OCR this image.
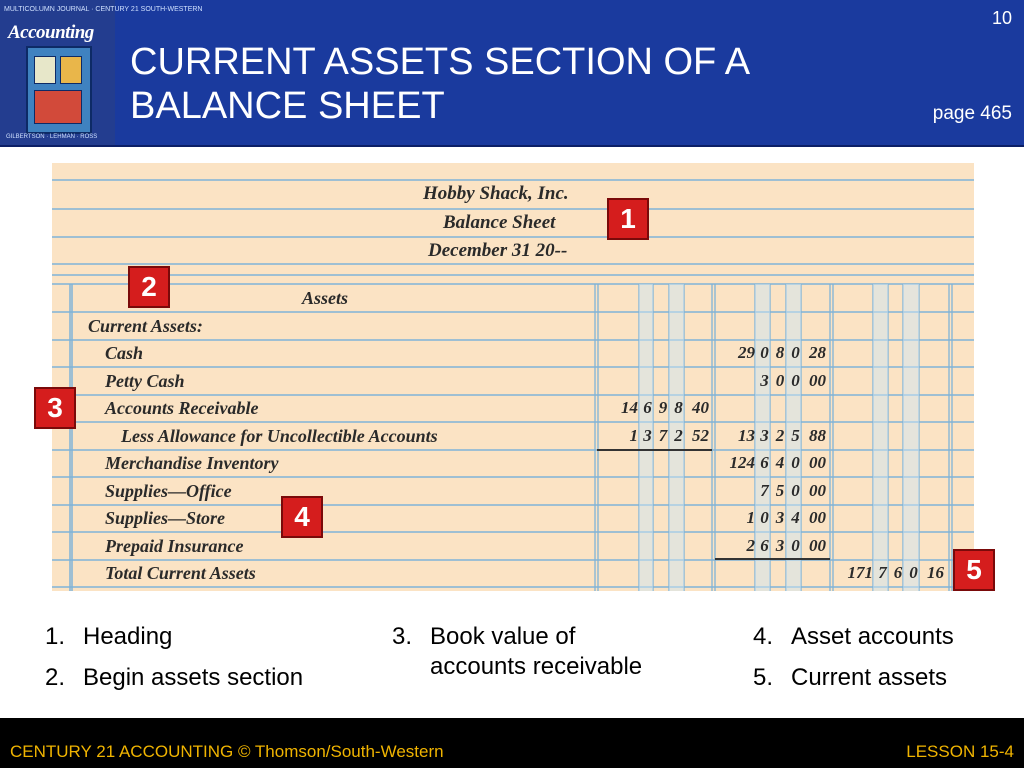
MULTICOLUMN JOURNAL · CENTURY 21 SOUTH-WESTERN
Accounting
GILBERTSON · LEHMAN · ROSS
CURRENT ASSETS SECTION OF A
BALANCE SHEET
10
page 465
Hobby Shack, Inc.
Balance Sheet
December 31 20--
Assets
Current Assets:
Cash
Petty Cash
Accounts Receivable
Less Allowance for Uncollectible Accounts
Merchandise Inventory
Supplies—Office
Supplies—Store
Prepaid Insurance
Total Current Assets
29 0 8 0 28
3 0 0 00
13 3 2 5 88
124 6 4 0 00
7 5 0 00
1 0 3 4 00
2 6 3 0 00
14 6 9 8 40
1 3 7 2 52
171 7 6 0 16
1
2
3
4
5
1. Heading
2. Begin assets section
3. Book value of
accounts receivable
4. Asset accounts
5. Current assets
CENTURY 21 ACCOUNTING © Thomson/South-Western	LESSON 15-4
